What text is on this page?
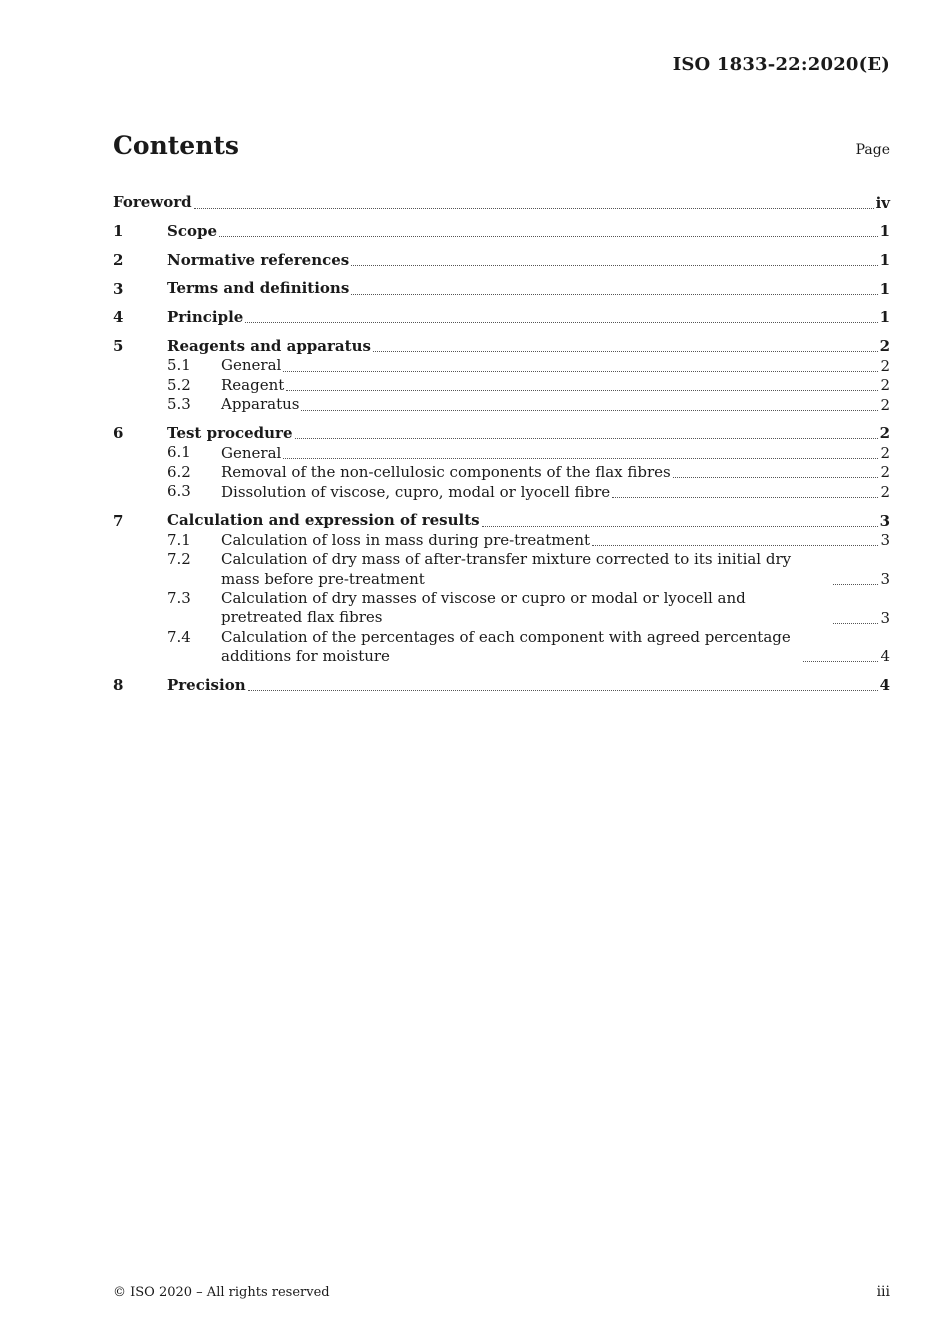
ISO 1833-22:2020(E)
Contents	Page
Foreword	iv
1	Scope	1
2	Normative references	1
3	Terms and definitions	1
4	Principle	1
5	Reagents and apparatus	2
5.1	General	2
5.2	Reagent	2
5.3	Apparatus	2
6	Test procedure	2
6.1	General	2
6.2	Removal of the non-cellulosic components of the flax fibres	2
6.3	Dissolution of viscose, cupro, modal or lyocell fibre	2
7	Calculation and expression of results	3
7.1	Calculation of loss in mass during pre-treatment	3
7.2	Calculation of dry mass of after-transfer mixture corrected to its initial dry mass before pre-treatment	3
7.3	Calculation of dry masses of viscose or cupro or modal or lyocell and pretreated flax fibres	3
7.4	Calculation of the percentages of each component with agreed percentage additions for moisture	4
8	Precision	4
© ISO 2020 – All rights reserved	iii
